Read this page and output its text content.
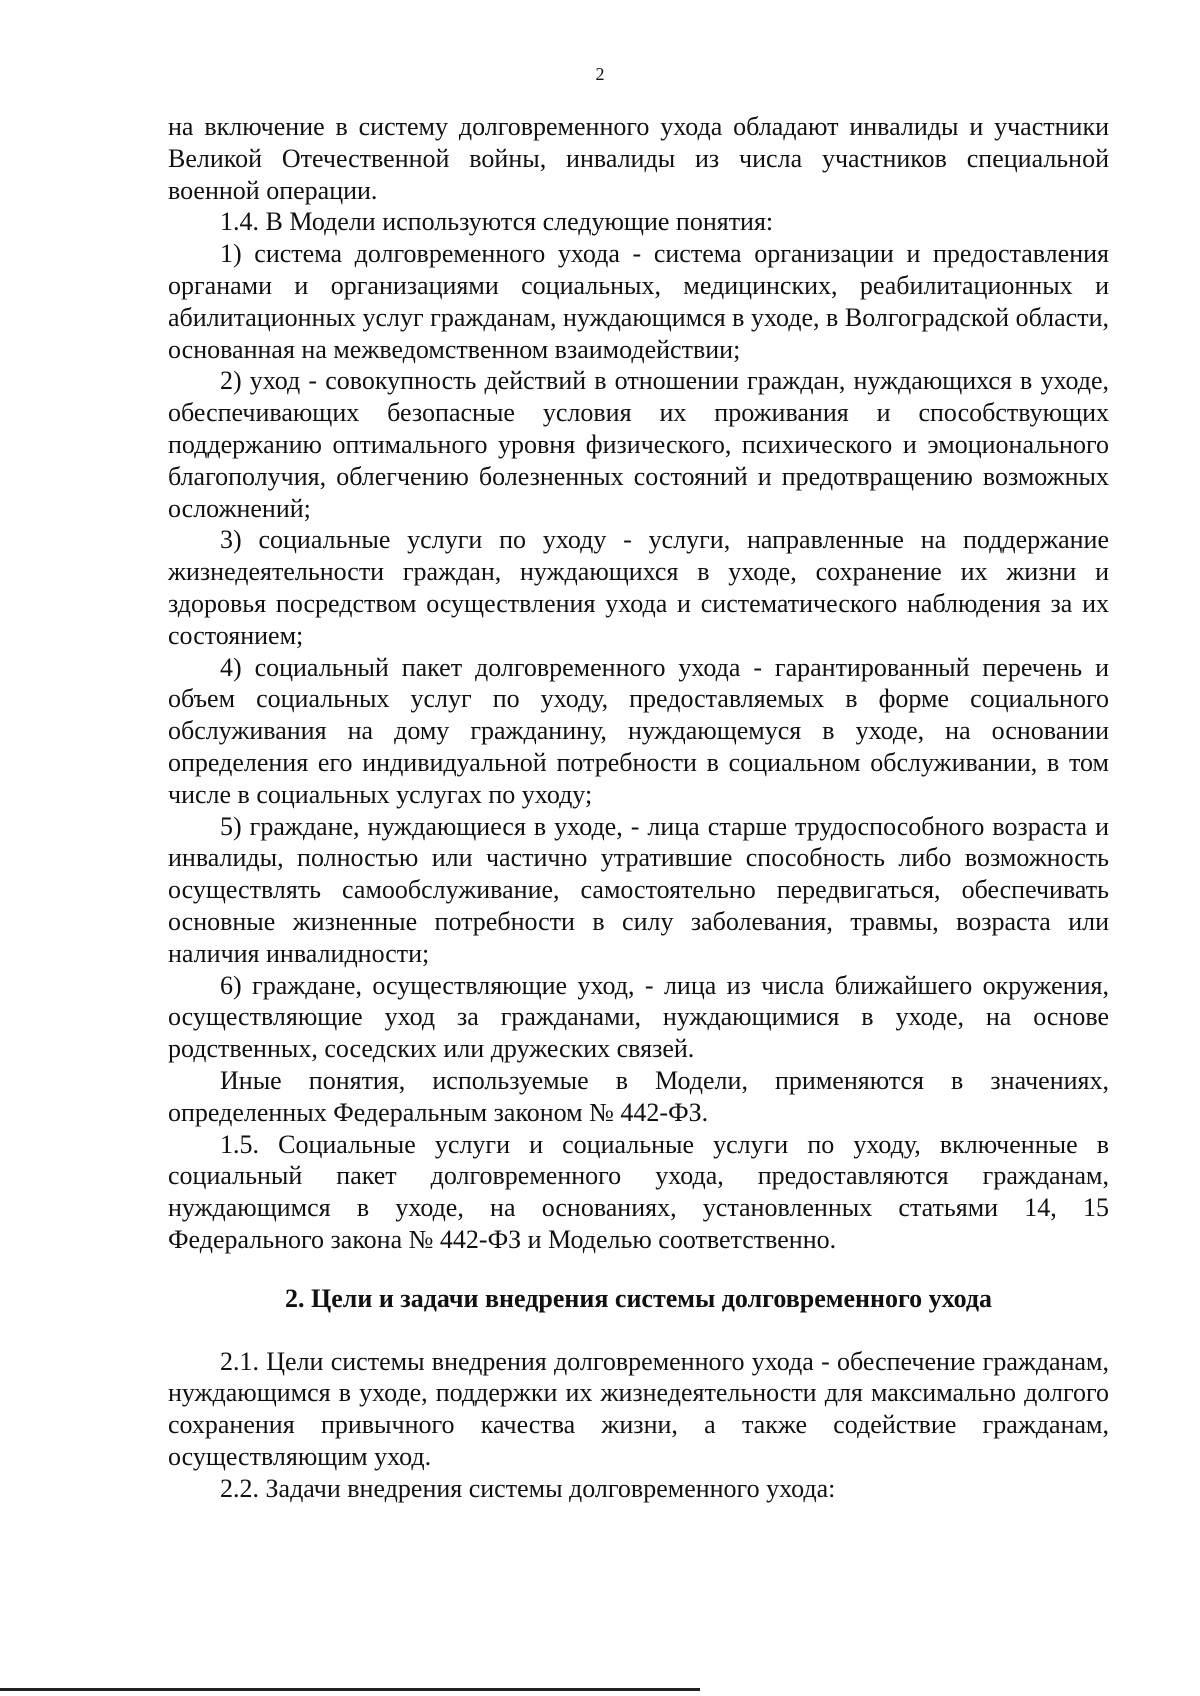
2

на включение в систему долговременного ухода обладают инвалиды и участники Великой Отечественной войны, инвалиды из числа участников специальной военной операции.

1.4. В Модели используются следующие понятия:

1) система долговременного ухода - система организации и предоставления органами и организациями социальных, медицинских, реабилитационных и абилитационных услуг гражданам, нуждающимся в уходе, в Волгоградской области, основанная на межведомственном взаимодействии;

2) уход - совокупность действий в отношении граждан, нуждающихся в уходе, обеспечивающих безопасные условия их проживания и способствующих поддержанию оптимального уровня физического, психического и эмоционального благополучия, облегчению болезненных состояний и предотвращению возможных осложнений;

3) социальные услуги по уходу - услуги, направленные на поддержание жизнедеятельности граждан, нуждающихся в уходе, сохранение их жизни и здоровья посредством осуществления ухода и систематического наблюдения за их состоянием;

4) социальный пакет долговременного ухода - гарантированный перечень и объем социальных услуг по уходу, предоставляемых в форме социального обслуживания на дому гражданину, нуждающемуся в уходе, на основании определения его индивидуальной потребности в социальном обслуживании, в том числе в социальных услугах по уходу;

5) граждане, нуждающиеся в уходе, - лица старше трудоспособного возраста и инвалиды, полностью или частично утратившие способность либо возможность осуществлять самообслуживание, самостоятельно передвигаться, обеспечивать основные жизненные потребности в силу заболевания, травмы, возраста или наличия инвалидности;

6) граждане, осуществляющие уход, - лица из числа ближайшего окружения, осуществляющие уход за гражданами, нуждающимися в уходе, на основе родственных, соседских или дружеских связей.

Иные понятия, используемые в Модели, применяются в значениях, определенных Федеральным законом № 442-ФЗ.

1.5. Социальные услуги и социальные услуги по уходу, включенные в социальный пакет долговременного ухода, предоставляются гражданам, нуждающимся в уходе, на основаниях, установленных статьями 14, 15 Федерального закона № 442-ФЗ и Моделью соответственно.

2. Цели и задачи внедрения системы долговременного ухода

2.1. Цели системы внедрения долговременного ухода - обеспечение гражданам, нуждающимся в уходе, поддержки их жизнедеятельности для максимально долгого сохранения привычного качества жизни, а также содействие гражданам, осуществляющим уход.

2.2. Задачи внедрения системы долговременного ухода:
